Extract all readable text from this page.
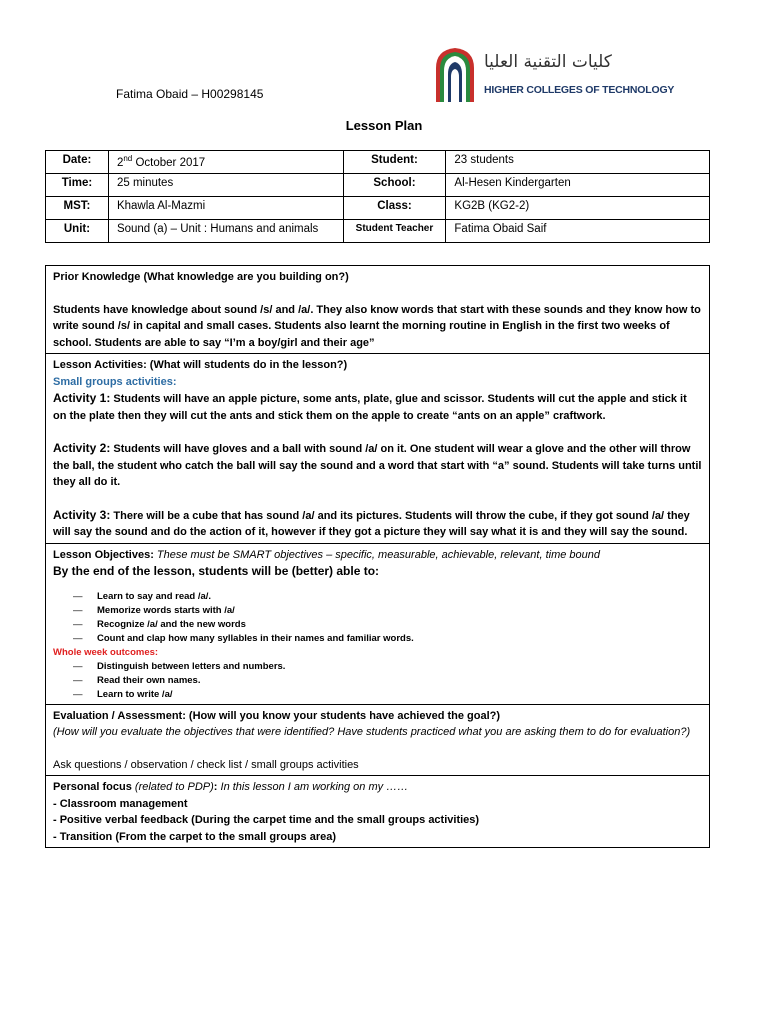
Fatima Obaid – H00298145
كليات التقنية العليا
HIGHER COLLEGES OF TECHNOLOGY
Lesson Plan
Date:	2nd October 2017	Student:	23 students
Time:	25 minutes	School:	Al-Hesen Kindergarten
MST:	Khawla Al-Mazmi	Class:	KG2B (KG2-2)
Unit:	Sound (a) – Unit : Humans and animals	Student Teacher	Fatima Obaid Saif
Prior Knowledge (What knowledge are you building on?)
Students have knowledge about sound /s/ and /a/. They also know words that start with these sounds and they know how to write sound /s/ in capital and small cases. Students also learnt the morning routine in English in the first two weeks of school. Students are able to say “I’m a boy/girl and their age”
Lesson Activities: (What will students do in the lesson?)
Small groups activities:
Activity 1: Students will have an apple picture, some ants, plate, glue and scissor. Students will cut the apple and stick it on the plate then they will cut the ants and stick them on the apple to create “ants on an apple” craftwork.
Activity 2: Students will have gloves and a ball with sound /a/ on it. One student will wear a glove and the other will throw the ball, the student who catch the ball will say the sound and a word that start with “a” sound. Students will take turns until they all do it.
Activity 3: There will be a cube that has sound /a/ and its pictures. Students will throw the cube, if they got sound /a/ they will say the sound and do the action of it, however if they got a picture they will say what it is and they will say the sound.
Lesson Objectives: These must be SMART objectives – specific, measurable, achievable, relevant, time bound
By the end of the lesson, students will be (better) able to:
— Learn to say and read /a/.
— Memorize words starts with /a/
— Recognize /a/ and the new words
— Count and clap how many syllables in their names and familiar words.
Whole week outcomes:
— Distinguish between letters and numbers.
— Read their own names.
— Learn to write /a/
Evaluation / Assessment: (How will you know your students have achieved the goal?)
(How will you evaluate the objectives that were identified? Have students practiced what you are asking them to do for evaluation?)
Ask questions / observation / check list / small groups activities
Personal focus (related to PDP): In this lesson I am working on my ……
- Classroom management
- Positive verbal feedback (During the carpet time and the small groups activities)
- Transition (From the carpet to the small groups area)
